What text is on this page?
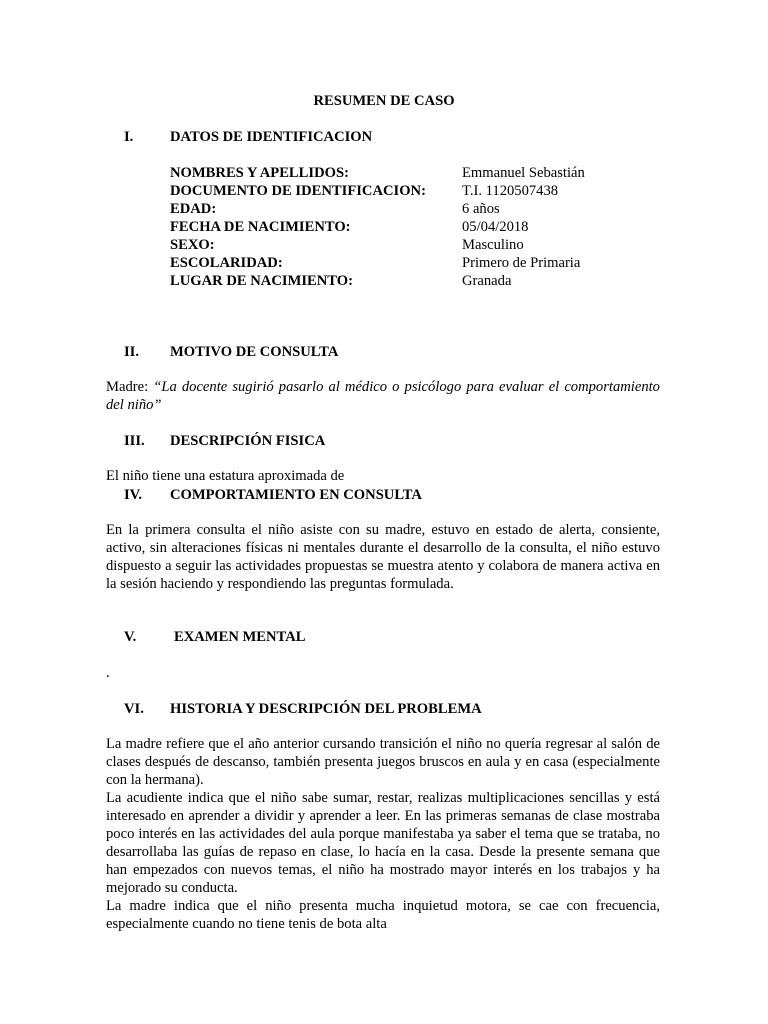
RESUMEN DE CASO
I.	DATOS DE IDENTIFICACION
NOMBRES Y APELLIDOS:	Emmanuel Sebastián
DOCUMENTO DE IDENTIFICACION: T.I. 1120507438
EDAD:	6 años
FECHA DE NACIMIENTO:	05/04/2018
SEXO:	Masculino
ESCOLARIDAD:	Primero de Primaria
LUGAR DE NACIMIENTO:	Granada
II. MOTIVO DE CONSULTA
Madre: “La docente sugirió pasarlo al médico o psicólogo para evaluar el comportamiento del niño”
III. DESCRIPCIÓN FISICA
El niño tiene una estatura aproximada de
IV. COMPORTAMIENTO EN CONSULTA
En la primera consulta el niño asiste con su madre, estuvo en estado de alerta, consiente, activo, sin alteraciones físicas ni mentales durante el desarrollo de la consulta, el niño estuvo dispuesto a seguir las actividades propuestas se muestra atento y colabora de manera activa en la sesión haciendo y respondiendo las preguntas formulada.
V.	EXAMEN MENTAL
.
VI. HISTORIA Y DESCRIPCIÓN DEL PROBLEMA
La madre refiere que el año anterior cursando transición el niño no quería regresar al salón de clases después de descanso, también presenta juegos bruscos en aula y en casa (especialmente con la hermana).
La acudiente indica que el niño sabe sumar, restar, realizas multiplicaciones sencillas y está interesado en aprender a dividir y aprender a leer. En las primeras semanas de clase mostraba poco interés en las actividades del aula porque manifestaba ya saber el tema que se trataba, no desarrollaba las guías de repaso en clase, lo hacía en la casa. Desde la presente semana que han empezados con nuevos temas, el niño ha mostrado mayor interés en los trabajos y ha mejorado su conducta.
La madre indica que el niño presenta mucha inquietud motora, se cae con frecuencia, especialmente cuando no tiene tenis de bota alta
